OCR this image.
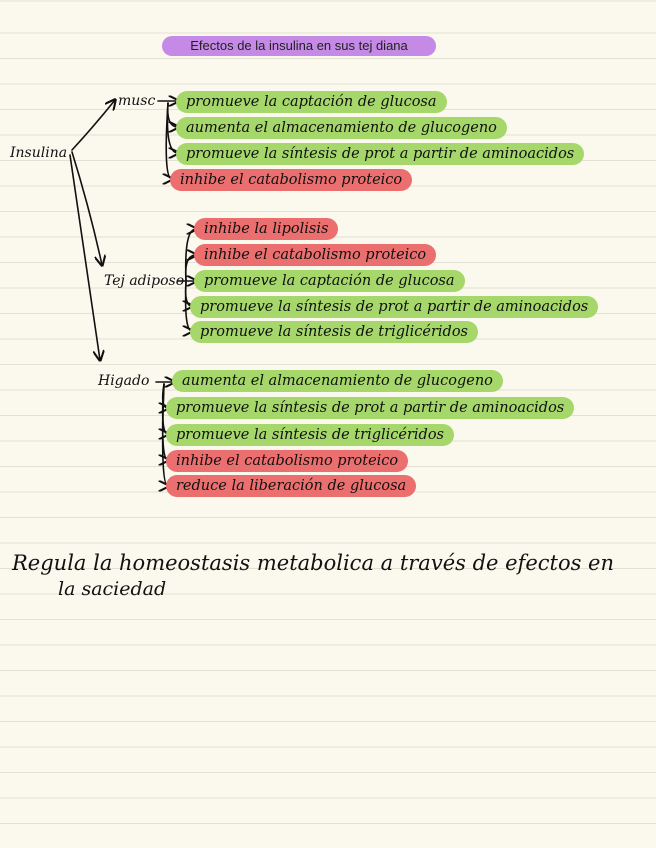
Efectos de la insulina en sus tej diana
Insulina
musc
Tej adiposo
Higado
promueve la captación de glucosa
aumenta el almacenamiento de glucogeno
promueve la síntesis de prot a partir de aminoacidos
inhibe el catabolismo proteico
inhibe la lipolisis
inhibe el catabolismo proteico
promueve la captación de glucosa
promueve la síntesis de prot a partir de aminoacidos
promueve la síntesis de triglicéridos
aumenta el almacenamiento de glucogeno
promueve la síntesis de prot a partir de aminoacidos
promueve la síntesis de triglicéridos
inhibe el catabolismo proteico
reduce la liberación de glucosa
Regula la homeostasis metabolica a través de efectos en
la saciedad
